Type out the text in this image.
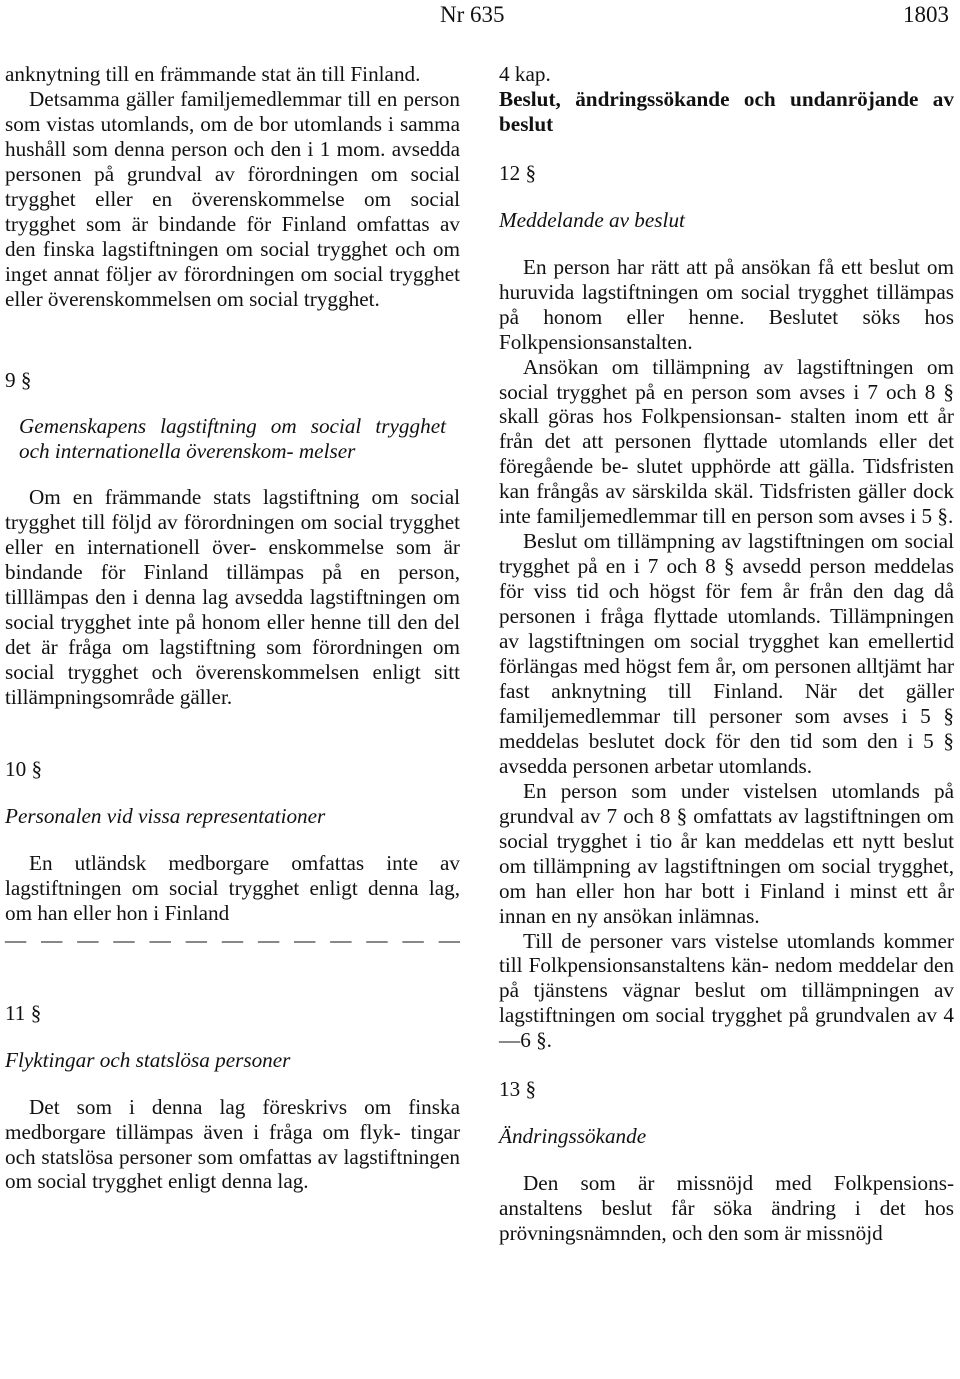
Nr 635	1803

anknytning till en främmande stat än till Finland.

Detsamma gäller familjemedlemmar till en person som vistas utomlands, om de bor utomlands i samma hushåll som denna person och den i 1 mom. avsedda personen på grundval av förordningen om social trygghet eller en överenskommelse om social trygghet som är bindande för Finland omfattas av den finska lagstiftningen om social trygghet och om inget annat följer av förordningen om social trygghet eller överenskommelsen om social trygghet.

9 §

Gemenskapens lagstiftning om social trygghet och internationella överenskom- melser

Om en främmande stats lagstiftning om social trygghet till följd av förordningen om social trygghet eller en internationell över- enskommelse som är bindande för Finland tillämpas på en person, tilllämpas den i denna lag avsedda lagstiftningen om social trygghet inte på honom eller henne till den del det är fråga om lagstiftning som förordningen om social trygghet och överenskommelsen enligt sitt tillämpningsområde gäller.

10 §

Personalen vid vissa representationer

En utländsk medborgare omfattas inte av lagstiftningen om social trygghet enligt denna lag, om han eller hon i Finland

— — — — — — — — — — — — —

11 §

Flyktingar och statslösa personer

Det som i denna lag föreskrivs om finska medborgare tillämpas även i fråga om flyk- tingar och statslösa personer som omfattas av lagstiftningen om social trygghet enligt denna lag.

4 kap.

Beslut, ändringssökande och undanröjande av beslut

12 §

Meddelande av beslut

En person har rätt att på ansökan få ett beslut om huruvida lagstiftningen om social trygghet tillämpas på honom eller henne. Beslutet söks hos Folkpensionsanstalten.

Ansökan om tillämpning av lagstiftningen om social trygghet på en person som avses i 7 och 8 § skall göras hos Folkpensionsan- stalten inom ett år från det att personen flyttade utomlands eller det föregående be- slutet upphörde att gälla. Tidsfristen kan frångås av särskilda skäl. Tidsfristen gäller dock inte familjemedlemmar till en person som avses i 5 §.

Beslut om tillämpning av lagstiftningen om social trygghet på en i 7 och 8 § avsedd person meddelas för viss tid och högst för fem år från den dag då personen i fråga flyttade utomlands. Tillämpningen av lagstiftningen om social trygghet kan emellertid förlängas med högst fem år, om personen alltjämt har fast anknytning till Finland. När det gäller familjemedlemmar till personer som avses i 5 § meddelas beslutet dock för den tid som den i 5 § avsedda personen arbetar utomlands.

En person som under vistelsen utomlands på grundval av 7 och 8 § omfattats av lagstiftningen om social trygghet i tio år kan meddelas ett nytt beslut om tillämpning av lagstiftningen om social trygghet, om han eller hon har bott i Finland i minst ett år innan en ny ansökan inlämnas.

Till de personer vars vistelse utomlands kommer till Folkpensionsanstaltens kän- nedom meddelar den på tjänstens vägnar beslut om tillämpningen av lagstiftningen om social trygghet på grundvalen av 4—6 §.

13 §

Ändringssökande

Den som är missnöjd med Folkpensions- anstaltens beslut får söka ändring i det hos prövningsnämnden, och den som är missnöjd
